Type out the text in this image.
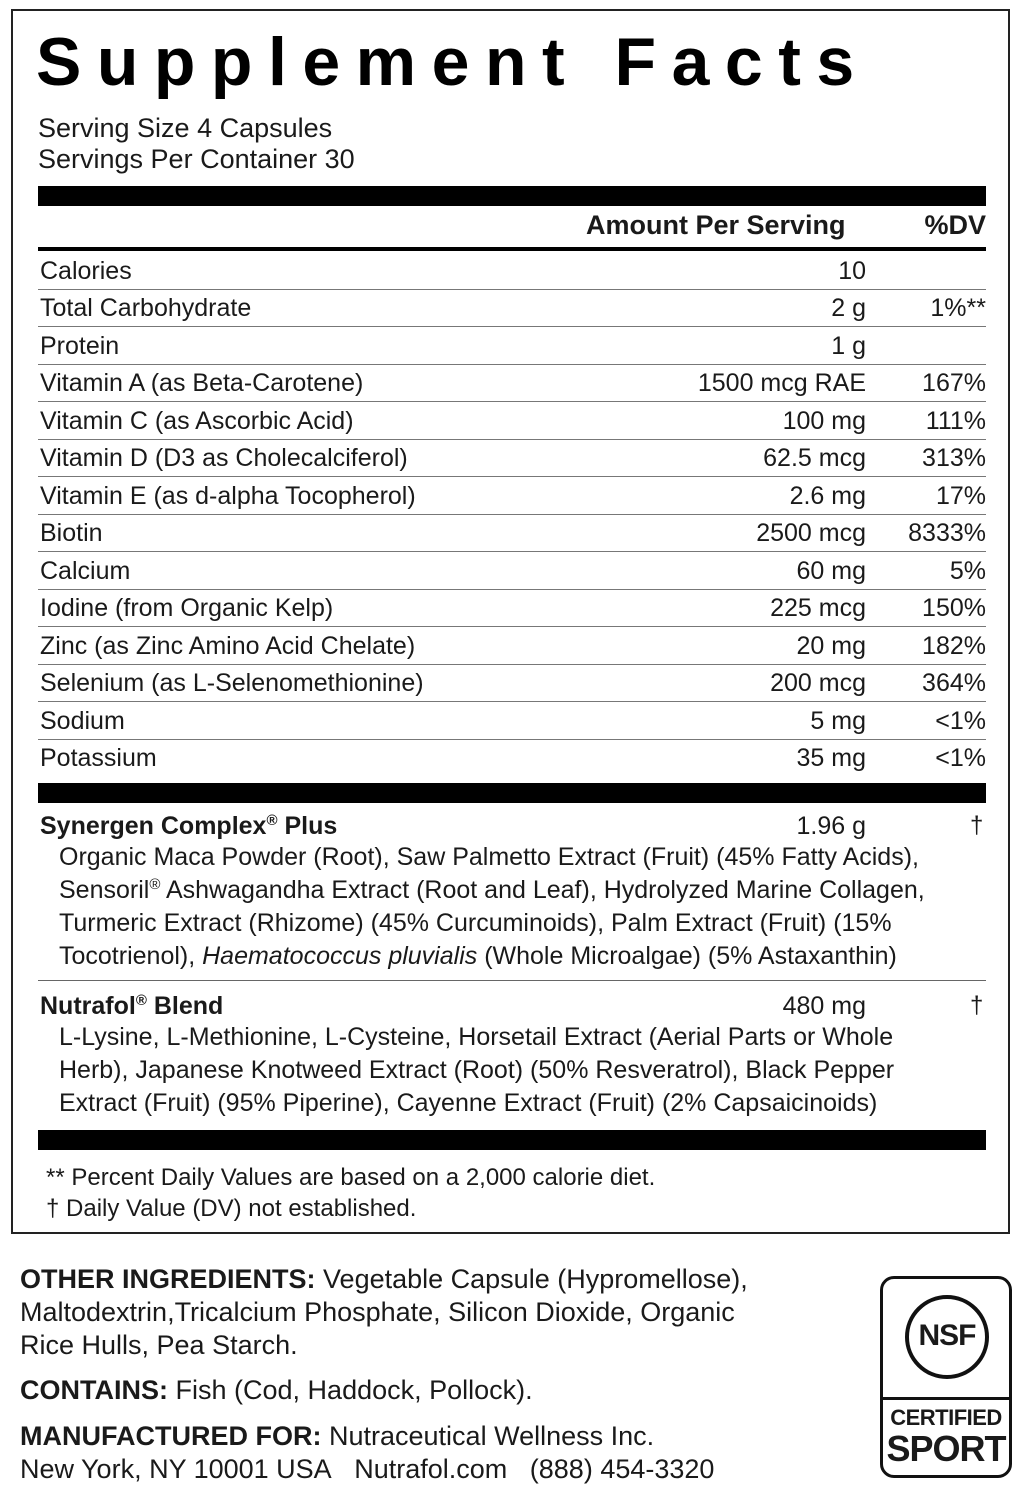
Supplement Facts
Serving Size 4 Capsules
Servings Per Container 30
Amount Per Serving	%DV
Calories	10
Total Carbohydrate	2 g	1%**
Protein	1 g
Vitamin A (as Beta-Carotene)	1500 mcg RAE 167%
Vitamin C (as Ascorbic Acid)	100 mg 111%
Vitamin D (D3 as Cholecalciferol)	62.5 mcg 313%
Vitamin E (as d-alpha Tocopherol)	2.6 mg	17%
Biotin	2500 mcg 8333%
Calcium	60 mg	5%
Iodine (from Organic Kelp)	225 mcg 150%
Zinc (as Zinc Amino Acid Chelate)	20 mg 182%
Selenium (as L-Selenomethionine)	200 mcg 364%
Sodium	5 mg	<1%
Potassium	35 mg	<1%
Synergen Complex® Plus	1.96 g	†
Organic Maca Powder (Root), Saw Palmetto Extract (Fruit) (45% Fatty Acids),
Sensoril® Ashwagandha Extract (Root and Leaf), Hydrolyzed Marine Collagen,
Turmeric Extract (Rhizome) (45% Curcuminoids), Palm Extract (Fruit) (15%
Tocotrienol), Haematococcus pluvialis (Whole Microalgae) (5% Astaxanthin)
Nutrafol® Blend	480 mg	†
L-Lysine, L-Methionine, L-Cysteine, Horsetail Extract (Aerial Parts or Whole
Herb), Japanese Knotweed Extract (Root) (50% Resveratrol), Black Pepper
Extract (Fruit) (95% Piperine), Cayenne Extract (Fruit) (2% Capsaicinoids)
** Percent Daily Values are based on a 2,000 calorie diet.
† Daily Value (DV) not established.
OTHER INGREDIENTS: Vegetable Capsule (Hypromellose),
Maltodextrin,Tricalcium Phosphate, Silicon Dioxide, Organic
Rice Hulls, Pea Starch.
CONTAINS: Fish (Cod, Haddock, Pollock).
MANUFACTURED FOR: Nutraceutical Wellness Inc.
New York, NY 10001 USA Nutrafol.com (888) 454-3320
NSF
CERTIFIED
SPORT
